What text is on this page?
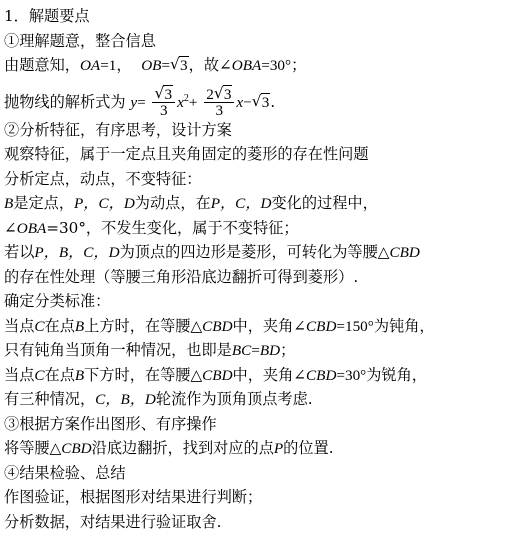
1．解题要点
①理解题意，整合信息
由题意知，OA=1， OB=√ 3，故∠OBA=30°；
抛物线的解析式为 y=
√ $\frac{3}{3} x^2+ \frac{2√ 3}{3} x-√$ 3.
②分析特征，有序思考，设计方案
观察特征，属于一定点且夹角固定的菱形的存在性问题
分析定点，动点，不变特征：
B是定点，P，C，D为动点，在P，C，D变化的过程中，
∠OBA=30°，不发生变化，属于不变特征；
若以P，B，C，D为顶点的四边形是菱形，可转化为等腰△CBD
的存在性处理（等腰三角形沿底边翻折可得到菱形）.
确定分类标准：
当点C在点B上方时，在等腰△CBD中，夹角∠CBD=150°为钝角，
只有钝角当顶角一种情况，也即是BC=BD；
当点C在点B下方时，在等腰△CBD中，夹角∠CBD=30°为锐角，
有三种情况，C，B，D轮流作为顶角顶点考虑.
③根据方案作出图形、有序操作
将等腰△CBD沿底边翻折，找到对应的点P的位置.
④结果检验、总结
作图验证，根据图形对结果进行判断；
分析数据，对结果进行验证取舍.
